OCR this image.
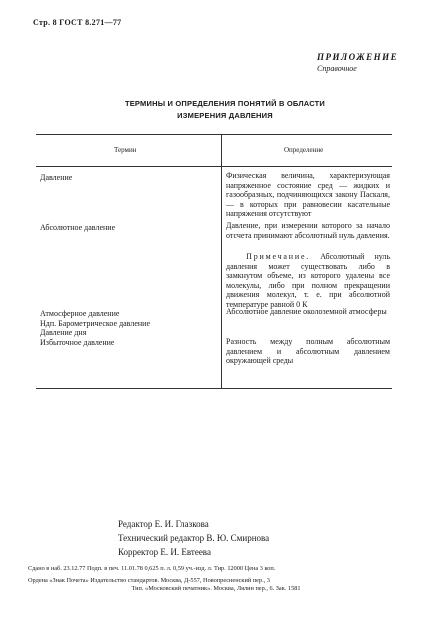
Стр. 8 ГОСТ 8.271—77
ПРИЛОЖЕНИЕ
Справочное
ТЕРМИНЫ И ОПРЕДЕЛЕНИЯ ПОНЯТИЙ В ОБЛАСТИ
ИЗМЕРЕНИЯ ДАВЛЕНИЯ
Термин	Определение
Давление
Абсолютное давление
Атмосферное давление
Ндп. Барометрическое давление
Давление дня
Избыточное давление

Физическая величина, характеризующая напряженное состояние сред — жидких и газообразных, подчиняющихся закону Паскаля, — в которых при равновесии касательные напряжения отсутствуют

Давление, при измерении которого за начало отсчета принимают абсолютный нуль давления.

Примечание. Абсолютный нуль давления может существовать либо в замкнутом объеме, из которого удалены все молекулы, либо при полном прекращении движения молекул, т. е. при абсолютной температуре равной 0 К

Абсолютное давление околоземной атмосферы

Разность между полным абсолютным давлением и абсолютным давлением окружающей среды

Редактор Е. И. Глазкова
Технический редактор В. Ю. Смирнова
Корректор Е. И. Евтеева
Сдано в наб. 23.12.77 Подп. в печ. 11.01.78 0,625 п. л. 0,59 уч.-изд. л. Тир. 12000 Цена 3 коп.
Ордена «Знак Почета» Издательство стандартов. Москва, Д-557, Новопресненский пер., 3
Тип. «Московский печатник». Москва, Лялин пер., 6. Зак. 1581
